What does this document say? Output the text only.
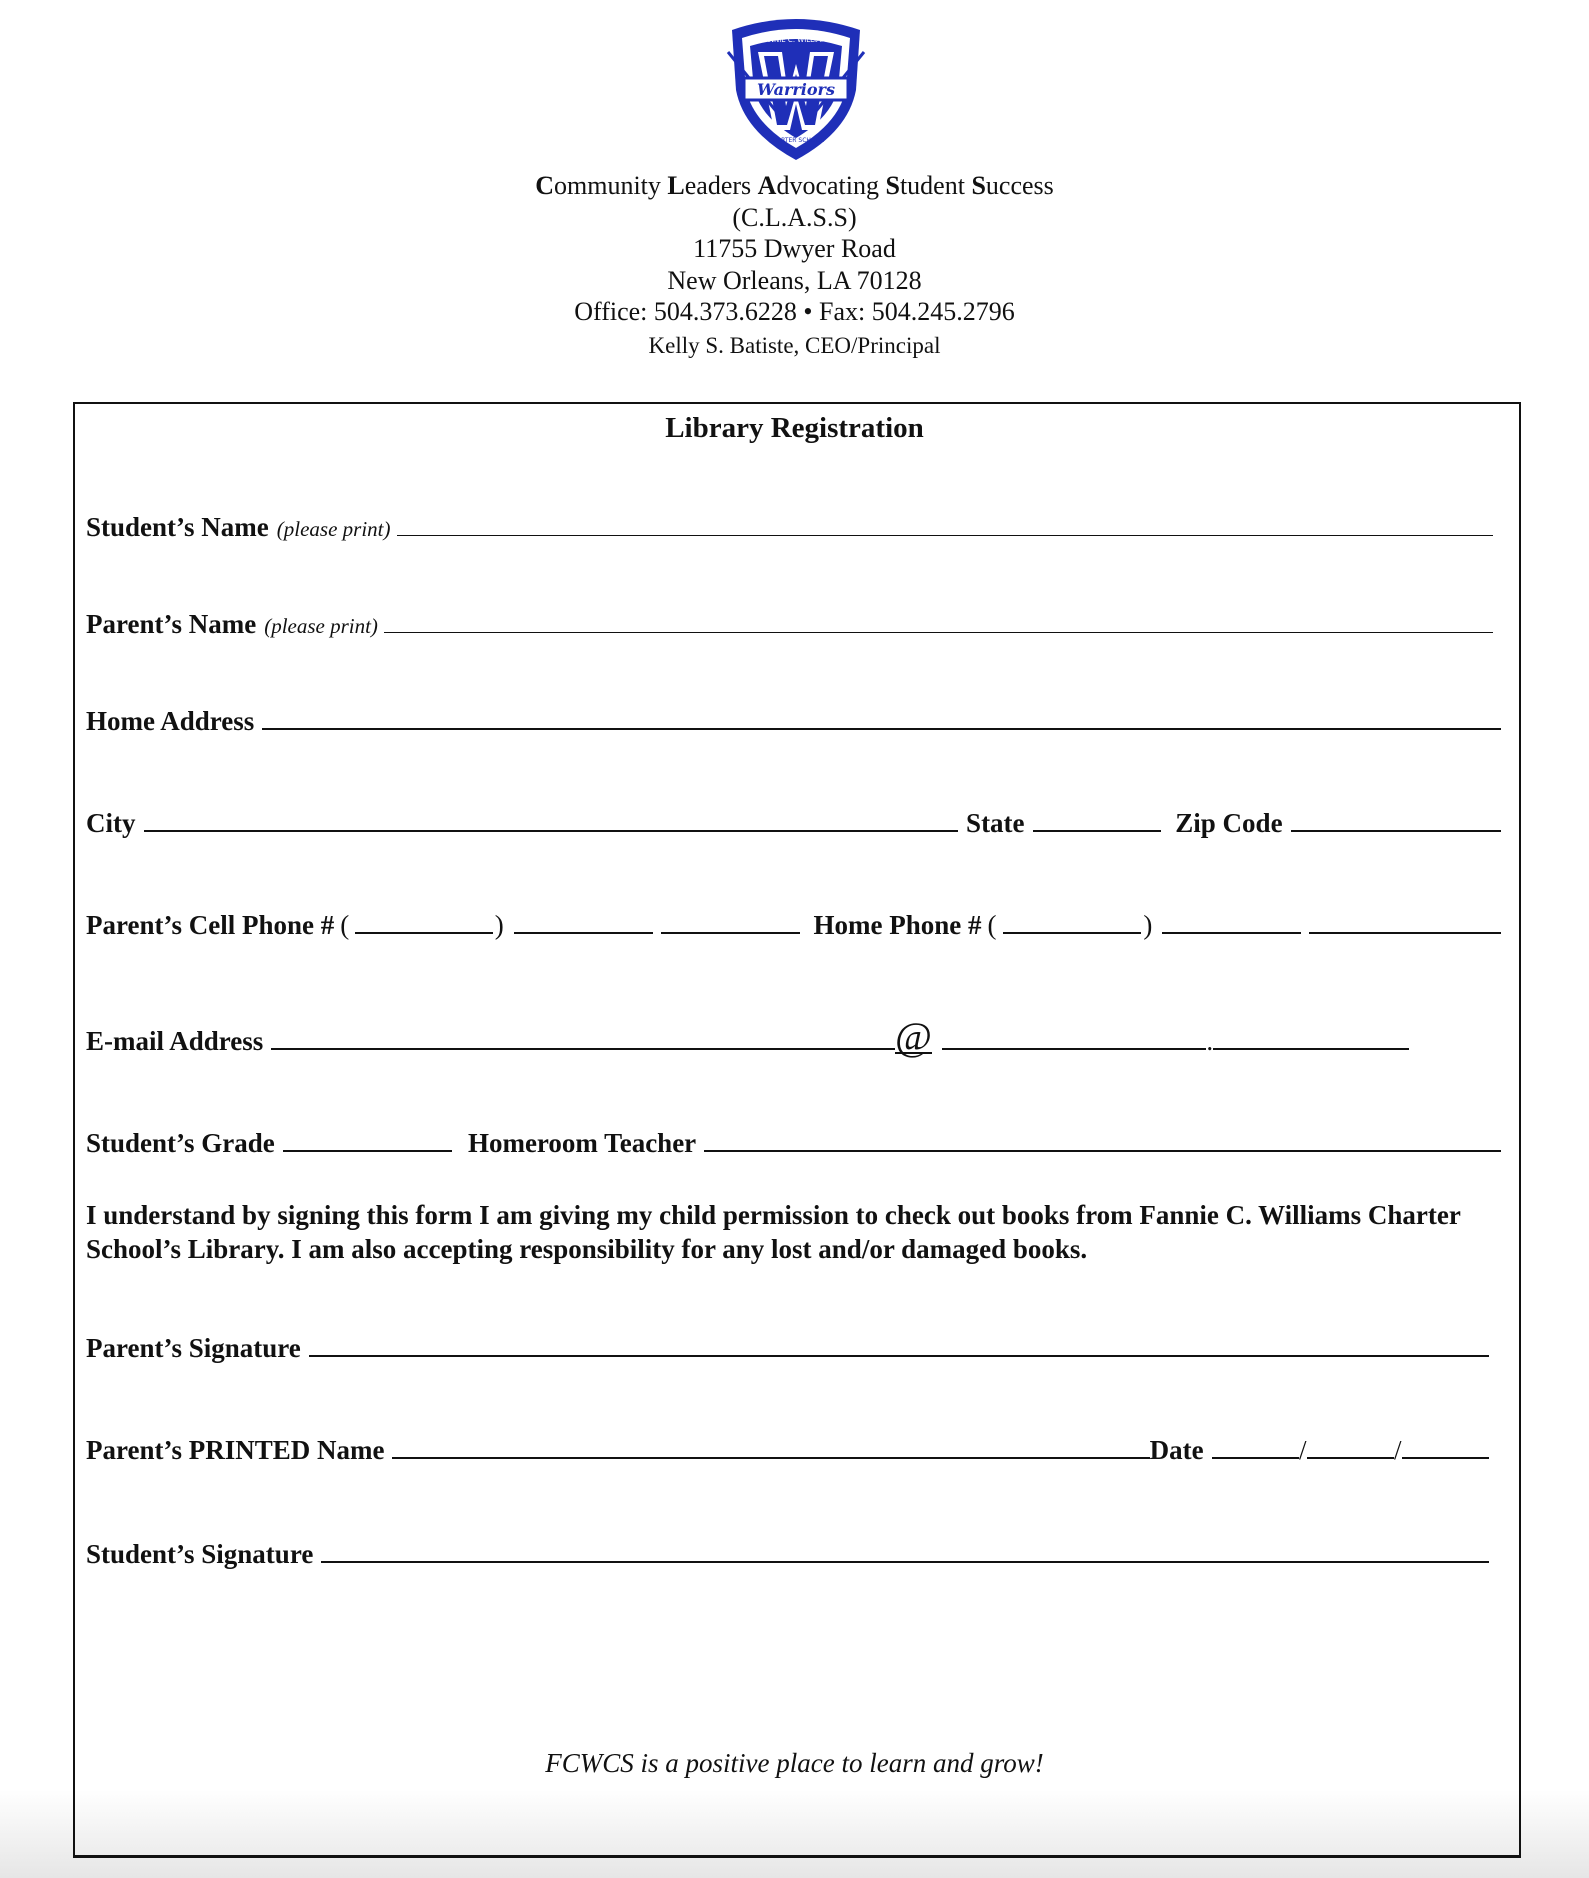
Warriors
FANNIE C. WILLIAMS
CHARTER SCHOOL
Community Leaders Advocating Student Success
(C.L.A.S.S)
11755 Dwyer Road
New Orleans, LA 70128
Office: 504.373.6228 • Fax: 504.245.2796
Kelly S. Batiste, CEO/Principal
Library Registration
Student’s Name (please print)
Parent’s Name (please print)
Home Address
City	State	Zip Code
Parent’s Cell Phone # (	)	Home Phone # (	)
E-mail Address	@	.
Student’s Grade	Homeroom Teacher
I understand by signing this form I am giving my child permission to check out books from Fannie C. Williams Charter School’s Library. I am also accepting responsibility for any lost and/or damaged books.
Parent’s Signature
Parent’s PRINTED Name	Date	/	/
Student’s Signature
FCWCS is a positive place to learn and grow!
